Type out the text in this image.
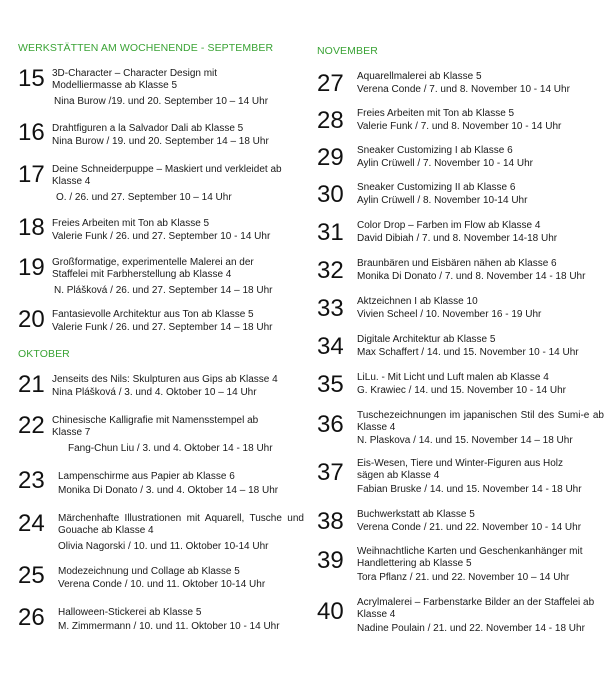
WERKSTÄTTEN AM WOCHENENDE - SEPTEMBER
15 3D-Character – Character Design mit Modelliermasse ab Klasse 5
Nina Burow /19. und 20. September 10 – 14 Uhr
16 Drahtfiguren a la Salvador Dali ab Klasse 5
Nina Burow / 19. und 20. September 14 – 18 Uhr
17 Deine Schneiderpuppe – Maskiert und verkleidet ab Klasse 4
O. / 26. und 27. September 10 – 14 Uhr
18 Freies Arbeiten mit Ton ab Klasse 5
Valerie Funk / 26. und 27. September 10 - 14 Uhr
19 Großformatige, experimentelle Malerei an der Staffelei mit Farbherstellung ab Klasse 4
N. Plášková / 26. und 27. September 14 – 18 Uhr
20 Fantasievolle Architektur aus Ton ab Klasse 5
Valerie Funk / 26. und 27. September 14 – 18 Uhr
OKTOBER
21 Jenseits des Nils: Skulpturen aus Gips ab Klasse 4
Nina Plášková / 3. und 4. Oktober 10 – 14 Uhr
22 Chinesische Kalligrafie mit Namensstempel ab Klasse 7
Fang-Chun Liu / 3. und 4. Oktober 14 - 18 Uhr
23 Lampenschirme aus Papier ab Klasse 6
Monika Di Donato / 3. und 4. Oktober 14 – 18 Uhr
24 Märchenhafte Illustrationen mit Aquarell, Tusche und Gouache ab Klasse 4
Olivia Nagorski / 10. und 11. Oktober 10-14 Uhr
25 Modezeichnung und Collage ab Klasse 5
Verena Conde / 10. und 11. Oktober 10-14 Uhr
26 Halloween-Stickerei ab Klasse 5
M. Zimmermann / 10. und 11. Oktober 10 - 14 Uhr
NOVEMBER
27 Aquarellmalerei ab Klasse 5
Verena Conde / 7. und 8. November 10 - 14 Uhr
28 Freies Arbeiten mit Ton ab Klasse 5
Valerie Funk / 7. und 8. November 10 - 14 Uhr
29 Sneaker Customizing I ab Klasse 6
Aylin Crüwell / 7. November 10 - 14 Uhr
30 Sneaker Customizing II ab Klasse 6
Aylin Crüwell / 8. November 10-14 Uhr
31 Color Drop – Farben im Flow ab Klasse 4
David Dibiah / 7. und 8. November 14-18 Uhr
32 Braunbären und Eisbären nähen ab Klasse 6
Monika Di Donato / 7. und 8. November 14 - 18 Uhr
33 Aktzeichnen I ab Klasse 10
Vivien Scheel / 10. November 16 - 19 Uhr
34 Digitale Architektur ab Klasse 5
Max Schaffert / 14. und 15. November 10 - 14 Uhr
35 LiLu. - Mit Licht und Luft malen ab Klasse 4
G. Krawiec / 14. und 15. November 10 - 14 Uhr
36 Tuschezeichnungen im japanischen Stil des Sumi-e ab Klasse 4
N. Plaskova / 14. und 15. November 14 – 18 Uhr
37 Eis-Wesen, Tiere und Winter-Figuren aus Holz sägen ab Klasse 4
Fabian Bruske / 14. und 15. November 14 - 18 Uhr
38 Buchwerkstatt ab Klasse 5
Verena Conde / 21. und 22. November 10 - 14 Uhr
39 Weihnachtliche Karten und Geschenkanhänger mit Handlettering ab Klasse 5
Tora Pflanz / 21. und 22. November 10 – 14 Uhr
40 Acrylmalerei – Farbenstarke Bilder an der Staffelei ab Klasse 4
Nadine Poulain / 21. und 22. November 14 - 18 Uhr
